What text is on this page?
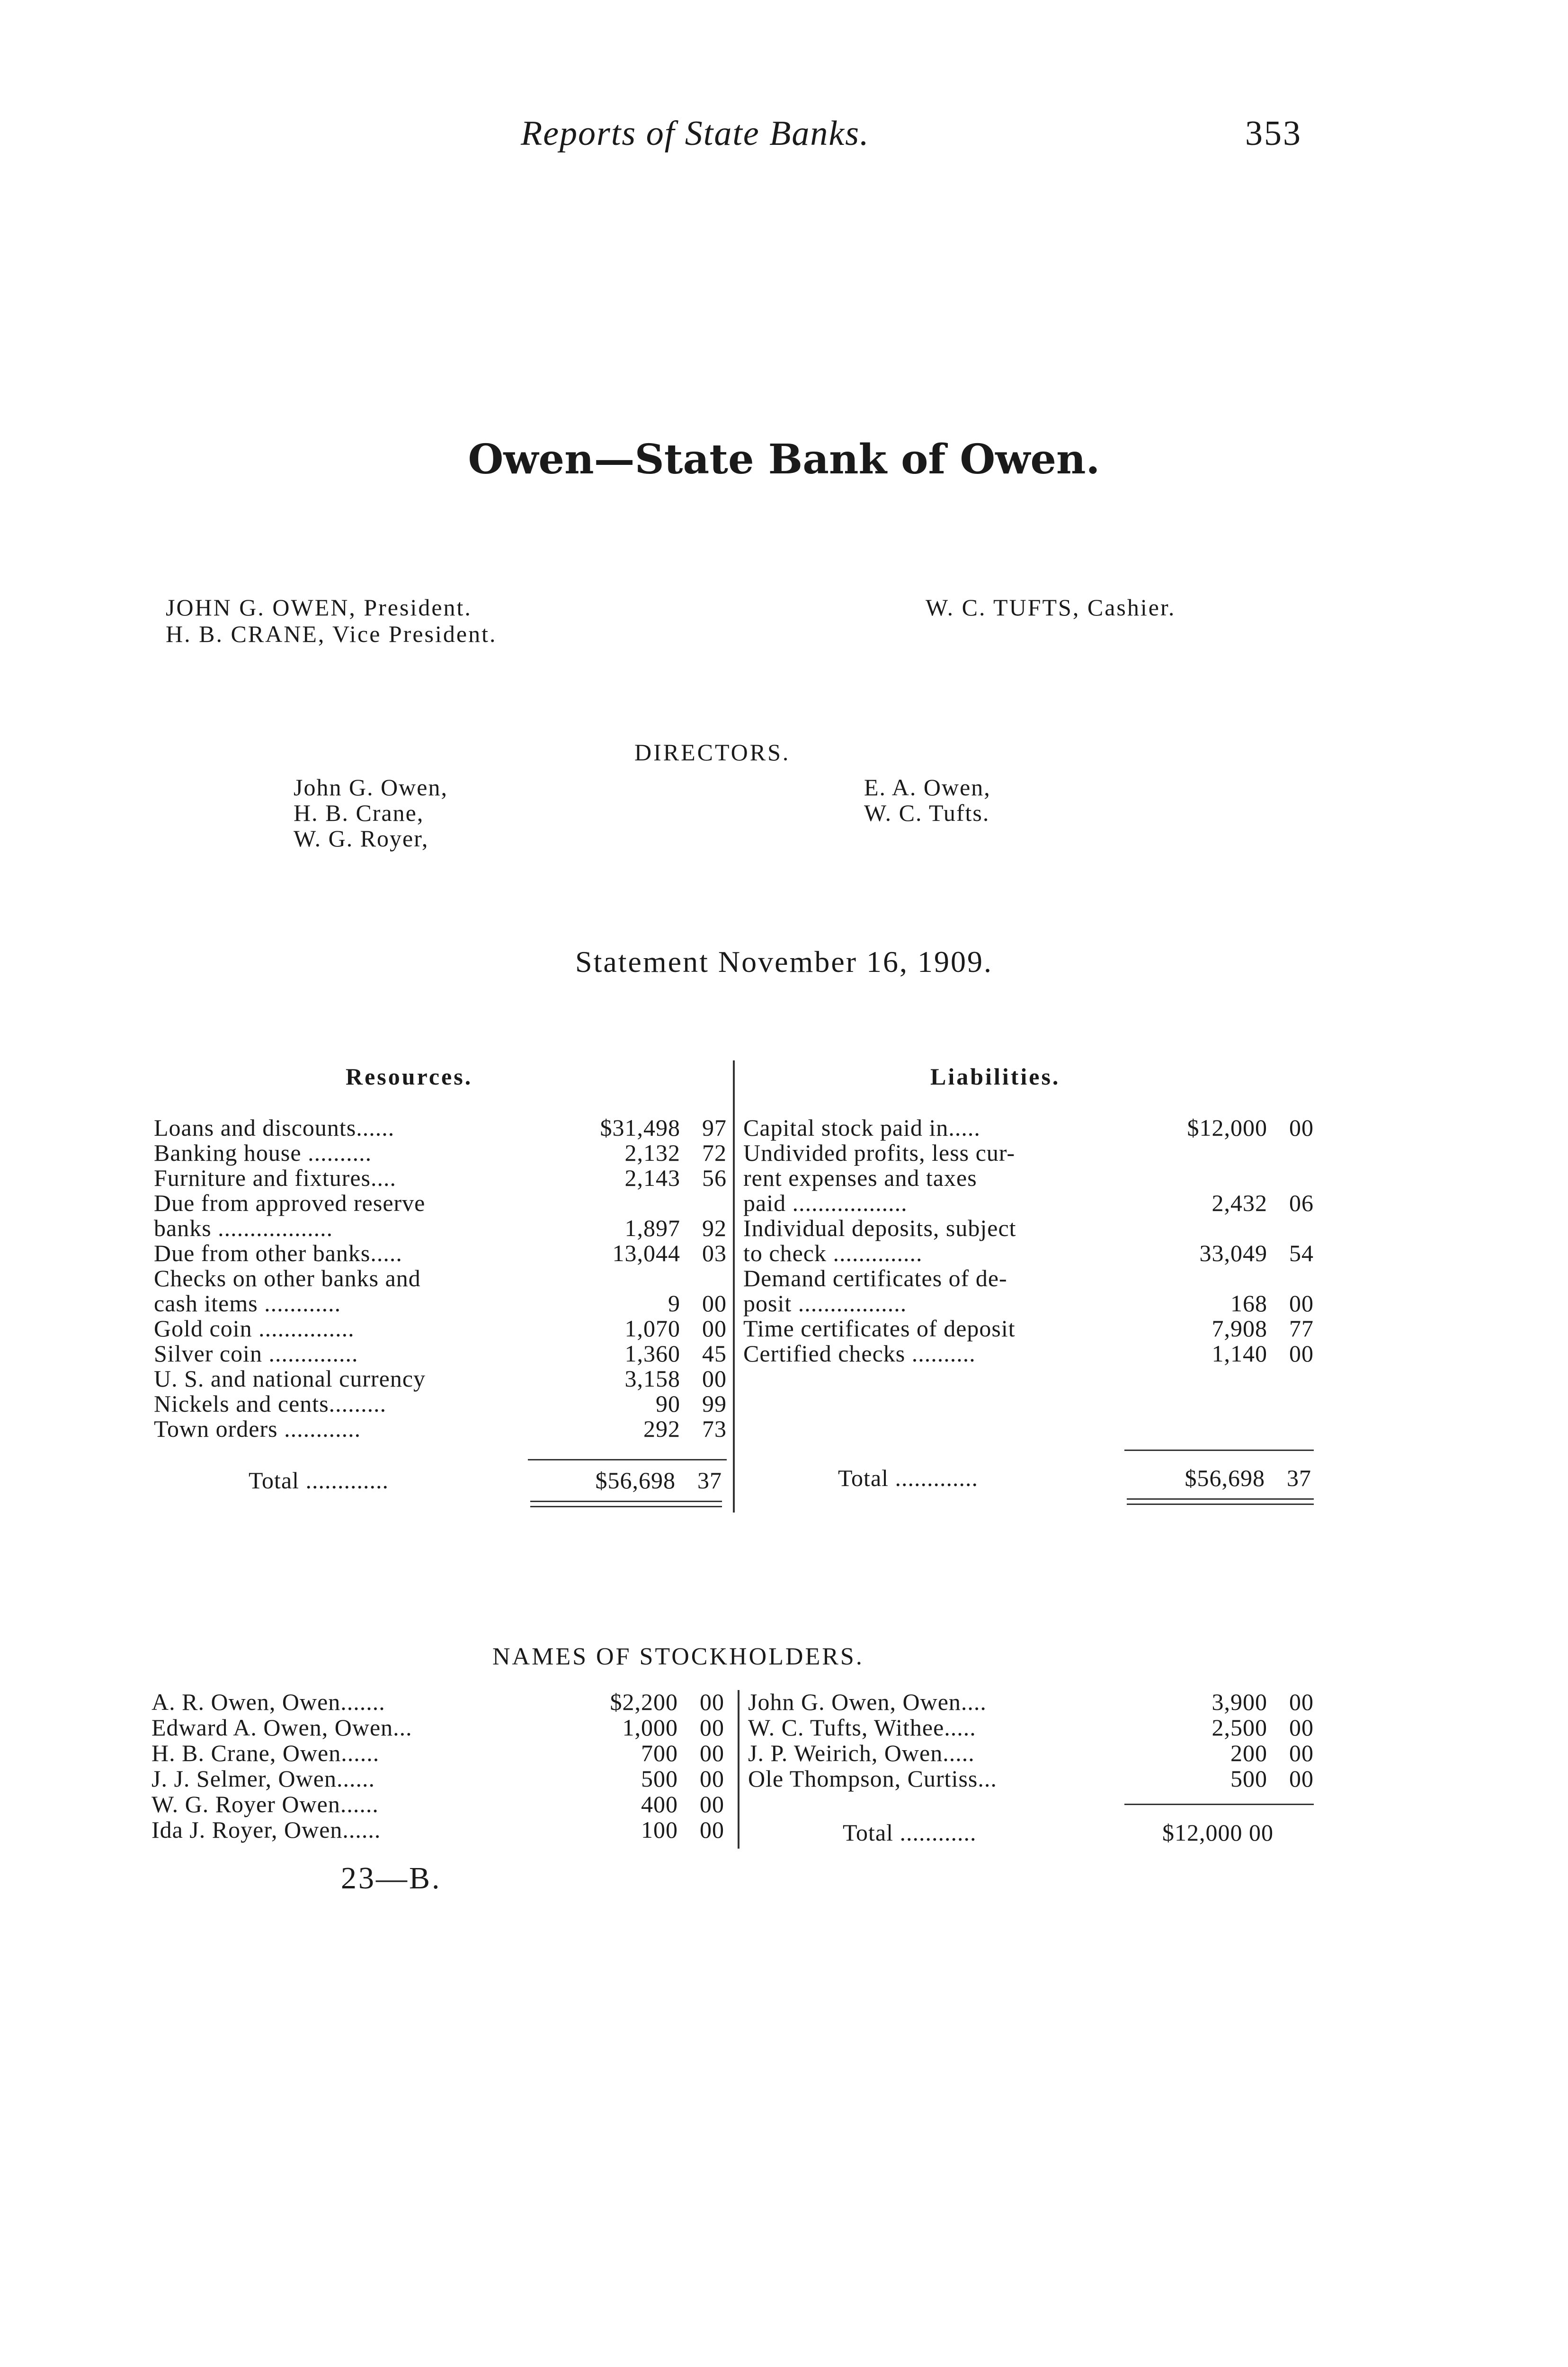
Reports of State Banks.	353
Owen—State Bank of Owen.
JOHN G. OWEN, President.
H. B. CRANE, Vice President.
W. C. TUFTS, Cashier.
DIRECTORS.
John G. Owen,
H. B. Crane,
W. G. Royer,
E. A. Owen,
W. C. Tufts.
Statement November 16, 1909.
Resources.	Liabilities.
Loans and discounts......	$31,498 97
Banking house ..........	2,132 72
Furniture and fixtures....	2,143 56
Due from approved reserve
banks ..................	1,897 92
Due from other banks.....	13,044 03
Checks on other banks and
cash items ............	9 00
Gold coin ...............	1,070 00
Silver coin ..............	1,360 45
U. S. and national currency	3,158 00
Nickels and cents.........	90 99
Town orders ............	292 73
Capital stock paid in.....	$12,000 00
Undivided profits, less cur-
rent expenses and taxes
paid ..................	2,432 06
Individual deposits, subject
to check ..............	33,049 54
Demand certificates of de-
posit .................	168 00
Time certificates of deposit	7,908 77
Certified checks ..........	1,140 00
Total .............	$56,698 37	Total .............	$56,698 37
NAMES OF STOCKHOLDERS.
A. R. Owen, Owen.......	$2,200 00
Edward A. Owen, Owen...	1,000 00
H. B. Crane, Owen......	700 00
J. J. Selmer, Owen......	500 00
W. G. Royer Owen......	400 00
Ida J. Royer, Owen......	100 00
John G. Owen, Owen....	3,900 00
W. C. Tufts, Withee.....	2,500 00
J. P. Weirich, Owen.....	200 00
Ole Thompson, Curtiss...	500 00
Total ............	$12,000 00
23—B.
